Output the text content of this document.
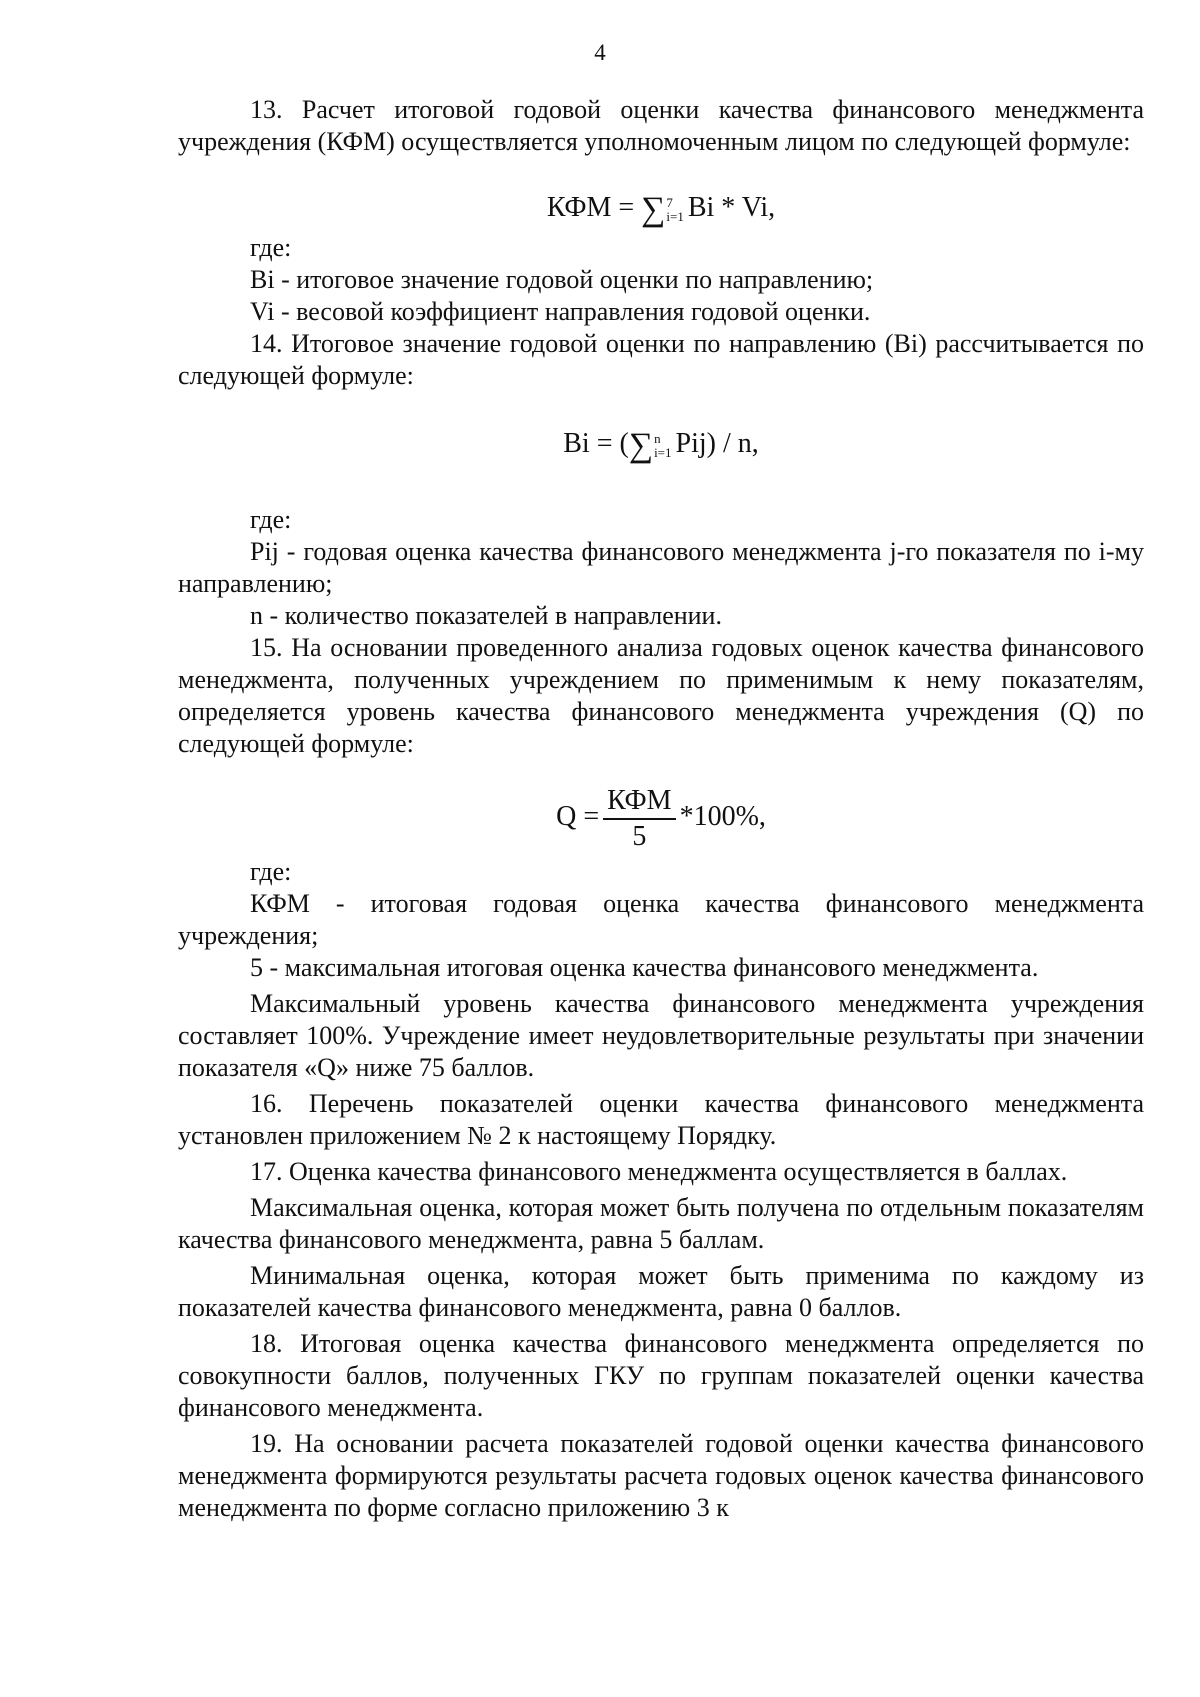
4

13. Расчет итоговой годовой оценки качества финансового менеджмента учреждения (КФМ) осуществляется уполномоченным лицом по следующей формуле:

КФМ = ∑ 7
i=1 Bi * Vi,

где:

Bi - итоговое значение годовой оценки по направлению;

Vi - весовой коэффициент направления годовой оценки.

14. Итоговое значение годовой оценки по направлению (Bi) рассчитывается по следующей формуле:

Bi = (∑ n
i=1 Pij) / n,

где:

Pij - годовая оценка качества финансового менеджмента j-го показателя по i-му направлению;

n - количество показателей в направлении.

15. На основании проведенного анализа годовых оценок качества финансового менеджмента, полученных учреждением по применимым к нему показателям, определяется уровень качества финансового менеджмента учреждения (Q) по следующей формуле:

$Q = \frac{\text{КФМ}}{5} *100\%$,

где:

КФМ - итоговая годовая оценка качества финансового менеджмента учреждения;

5 - максимальная итоговая оценка качества финансового менеджмента.

Максимальный уровень качества финансового менеджмента учреждения составляет 100%. Учреждение имеет неудовлетворительные результаты при значении показателя «Q» ниже 75 баллов.

16. Перечень показателей оценки качества финансового менеджмента установлен приложением № 2 к настоящему Порядку.

17. Оценка качества финансового менеджмента осуществляется в баллах.

Максимальная оценка, которая может быть получена по отдельным показателям качества финансового менеджмента, равна 5 баллам.

Минимальная оценка, которая может быть применима по каждому из показателей качества финансового менеджмента, равна 0 баллов.

18. Итоговая оценка качества финансового менеджмента определяется по совокупности баллов, полученных ГКУ по группам показателей оценки качества финансового менеджмента.

19. На основании расчета показателей годовой оценки качества финансового менеджмента формируются результаты расчета годовых оценок качества финансового менеджмента по форме согласно приложению 3 к
